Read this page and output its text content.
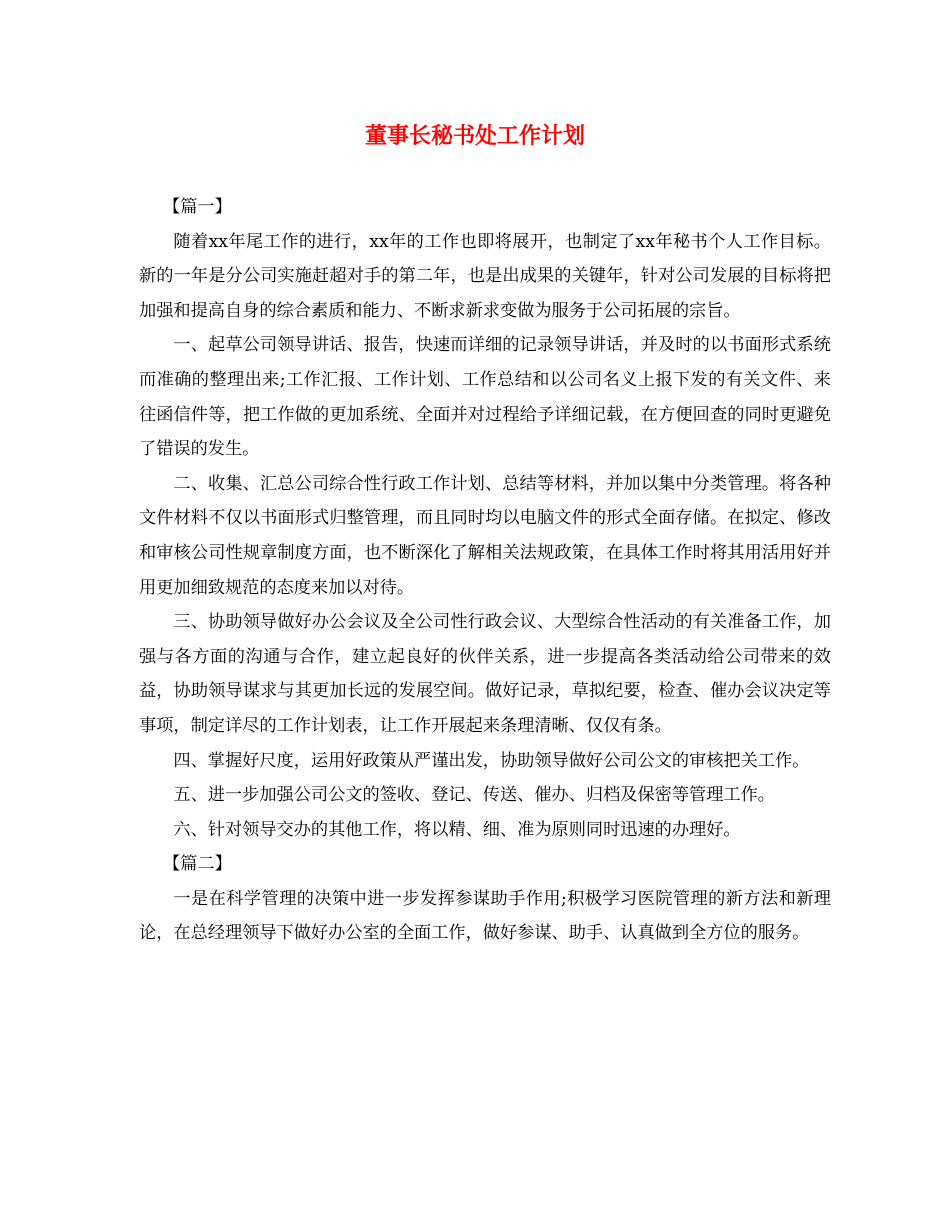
董事长秘书处工作计划

【篇一】

随着xx年尾工作的进行，xx年的工作也即将展开，也制定了xx年秘书个人工作目标。新的一年是分公司实施赶超对手的第二年，也是出成果的关键年，针对公司发展的目标将把加强和提高自身的综合素质和能力、不断求新求变做为服务于公司拓展的宗旨。

一、起草公司领导讲话、报告，快速而详细的记录领导讲话，并及时的以书面形式系统而准确的整理出来;工作汇报、工作计划、工作总结和以公司名义上报下发的有关文件、来往函信件等，把工作做的更加系统、全面并对过程给予详细记载，在方便回查的同时更避免了错误的发生。

二、收集、汇总公司综合性行政工作计划、总结等材料，并加以集中分类管理。将各种文件材料不仅以书面形式归整管理，而且同时均以电脑文件的形式全面存储。在拟定、修改和审核公司性规章制度方面，也不断深化了解相关法规政策，在具体工作时将其用活用好并用更加细致规范的态度来加以对待。

三、协助领导做好办公会议及全公司性行政会议、大型综合性活动的有关准备工作，加强与各方面的沟通与合作，建立起良好的伙伴关系，进一步提高各类活动给公司带来的效益，协助领导谋求与其更加长远的发展空间。做好记录，草拟纪要，检查、催办会议决定等事项，制定详尽的工作计划表，让工作开展起来条理清晰、仅仅有条。

四、掌握好尺度，运用好政策从严谨出发，协助领导做好公司公文的审核把关工作。

五、进一步加强公司公文的签收、登记、传送、催办、归档及保密等管理工作。

六、针对领导交办的其他工作，将以精、细、准为原则同时迅速的办理好。

【篇二】

一是在科学管理的决策中进一步发挥参谋助手作用;积极学习医院管理的新方法和新理论，在总经理领导下做好办公室的全面工作，做好参谋、助手、认真做到全方位的服务。
